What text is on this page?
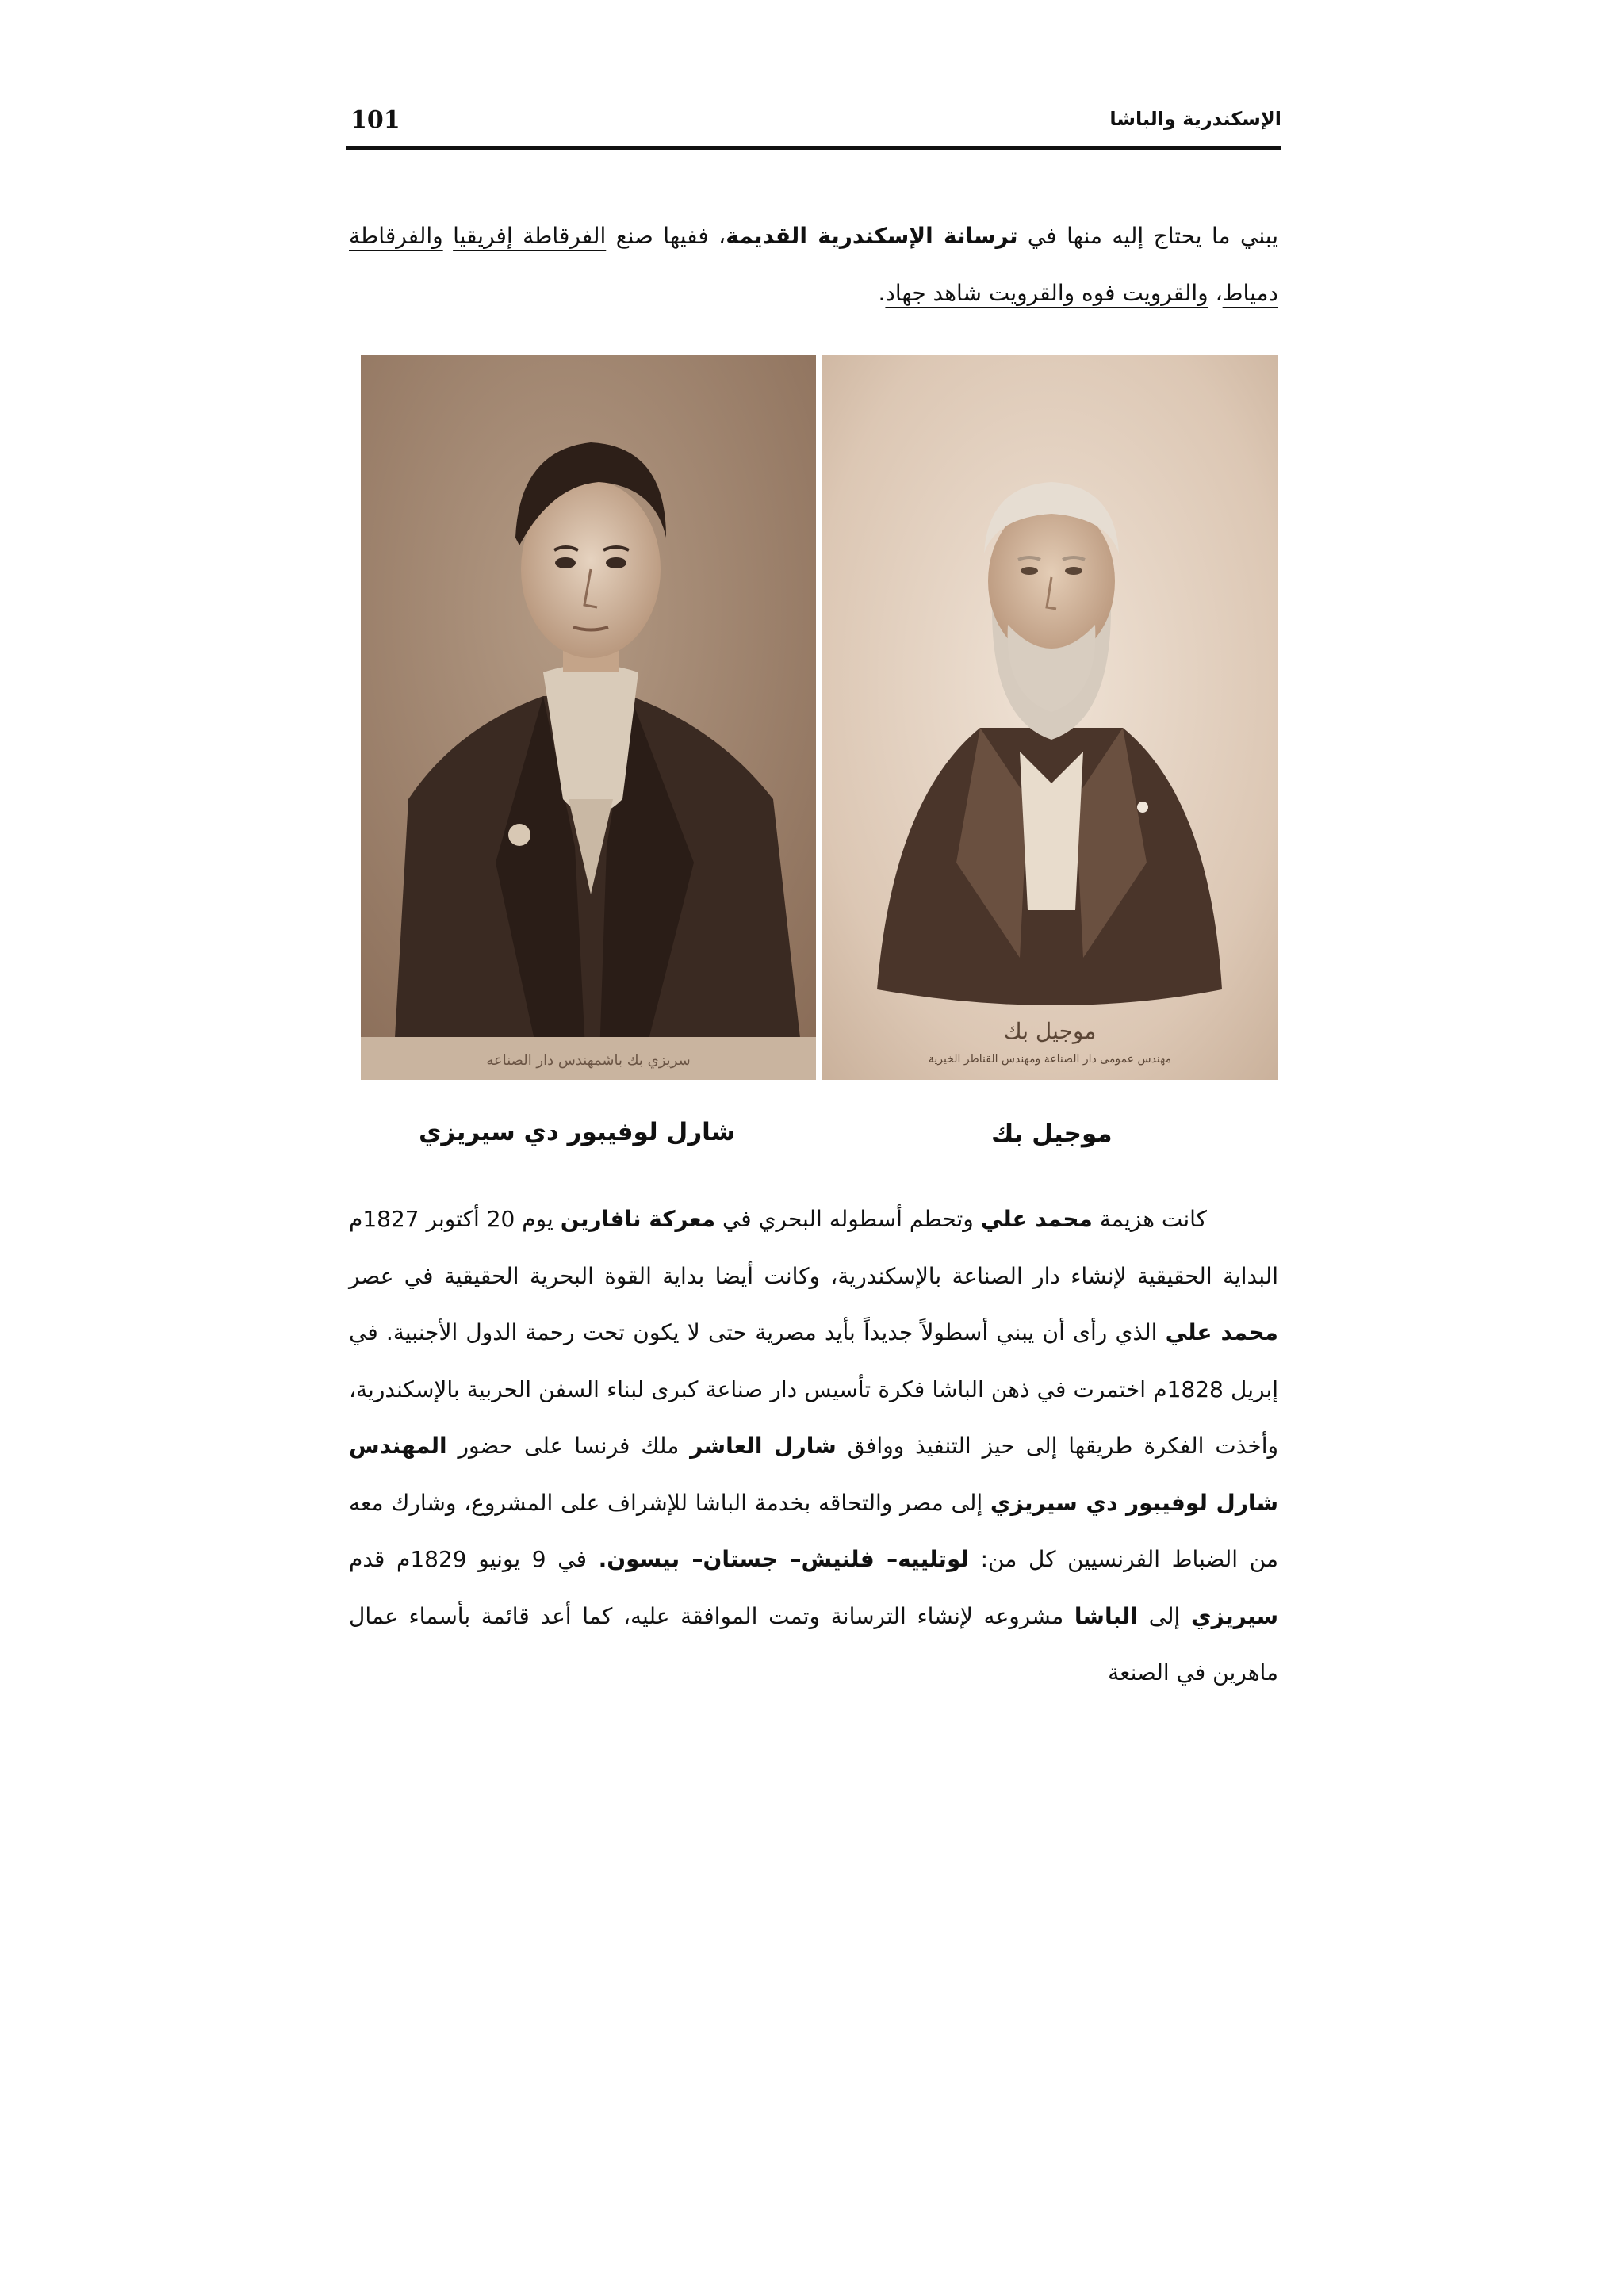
101	الإسكندرية والباشا

يبني ما يحتاج إليه منها في ترسانة الإسكندرية القديمة، ففيها صنع الفرقاطة إفريقيا والفرقاطة دمياط، والقرويت فوه والقرويت شاهد جهاد.

سريزي بك باشمهندس دار الصناعه
موجيل بك
مهندس عمومى دار الصناعة ومهندس القناطر الخيرية
شارل لوفيبور دي سيريزي	موجيل بك

كانت هزيمة محمد علي وتحطم أسطوله البحري في معركة نافارين يوم 20 أكتوبر 1827م البداية الحقيقية لإنشاء دار الصناعة بالإسكندرية، وكانت أيضا بداية القوة البحرية الحقيقية في عصر محمد علي الذي رأى أن يبني أسطولاً جديداً بأيد مصرية حتى لا يكون تحت رحمة الدول الأجنبية. في إبريل 1828م اختمرت في ذهن الباشا فكرة تأسيس دار صناعة كبرى لبناء السفن الحربية بالإسكندرية، وأخذت الفكرة طريقها إلى حيز التنفيذ ووافق شارل العاشر ملك فرنسا على حضور المهندس شارل لوفيبور دي سيريزي إلى مصر والتحاقه بخدمة الباشا للإشراف على المشروع، وشارك معه من الضباط الفرنسيين كل من: لوتلييه– فلنيش– جستان– بيسون. في 9 يونيو 1829م قدم سيريزي إلى الباشا مشروعه لإنشاء الترسانة وتمت الموافقة عليه، كما أعد قائمة بأسماء عمال ماهرين في الصنعة
